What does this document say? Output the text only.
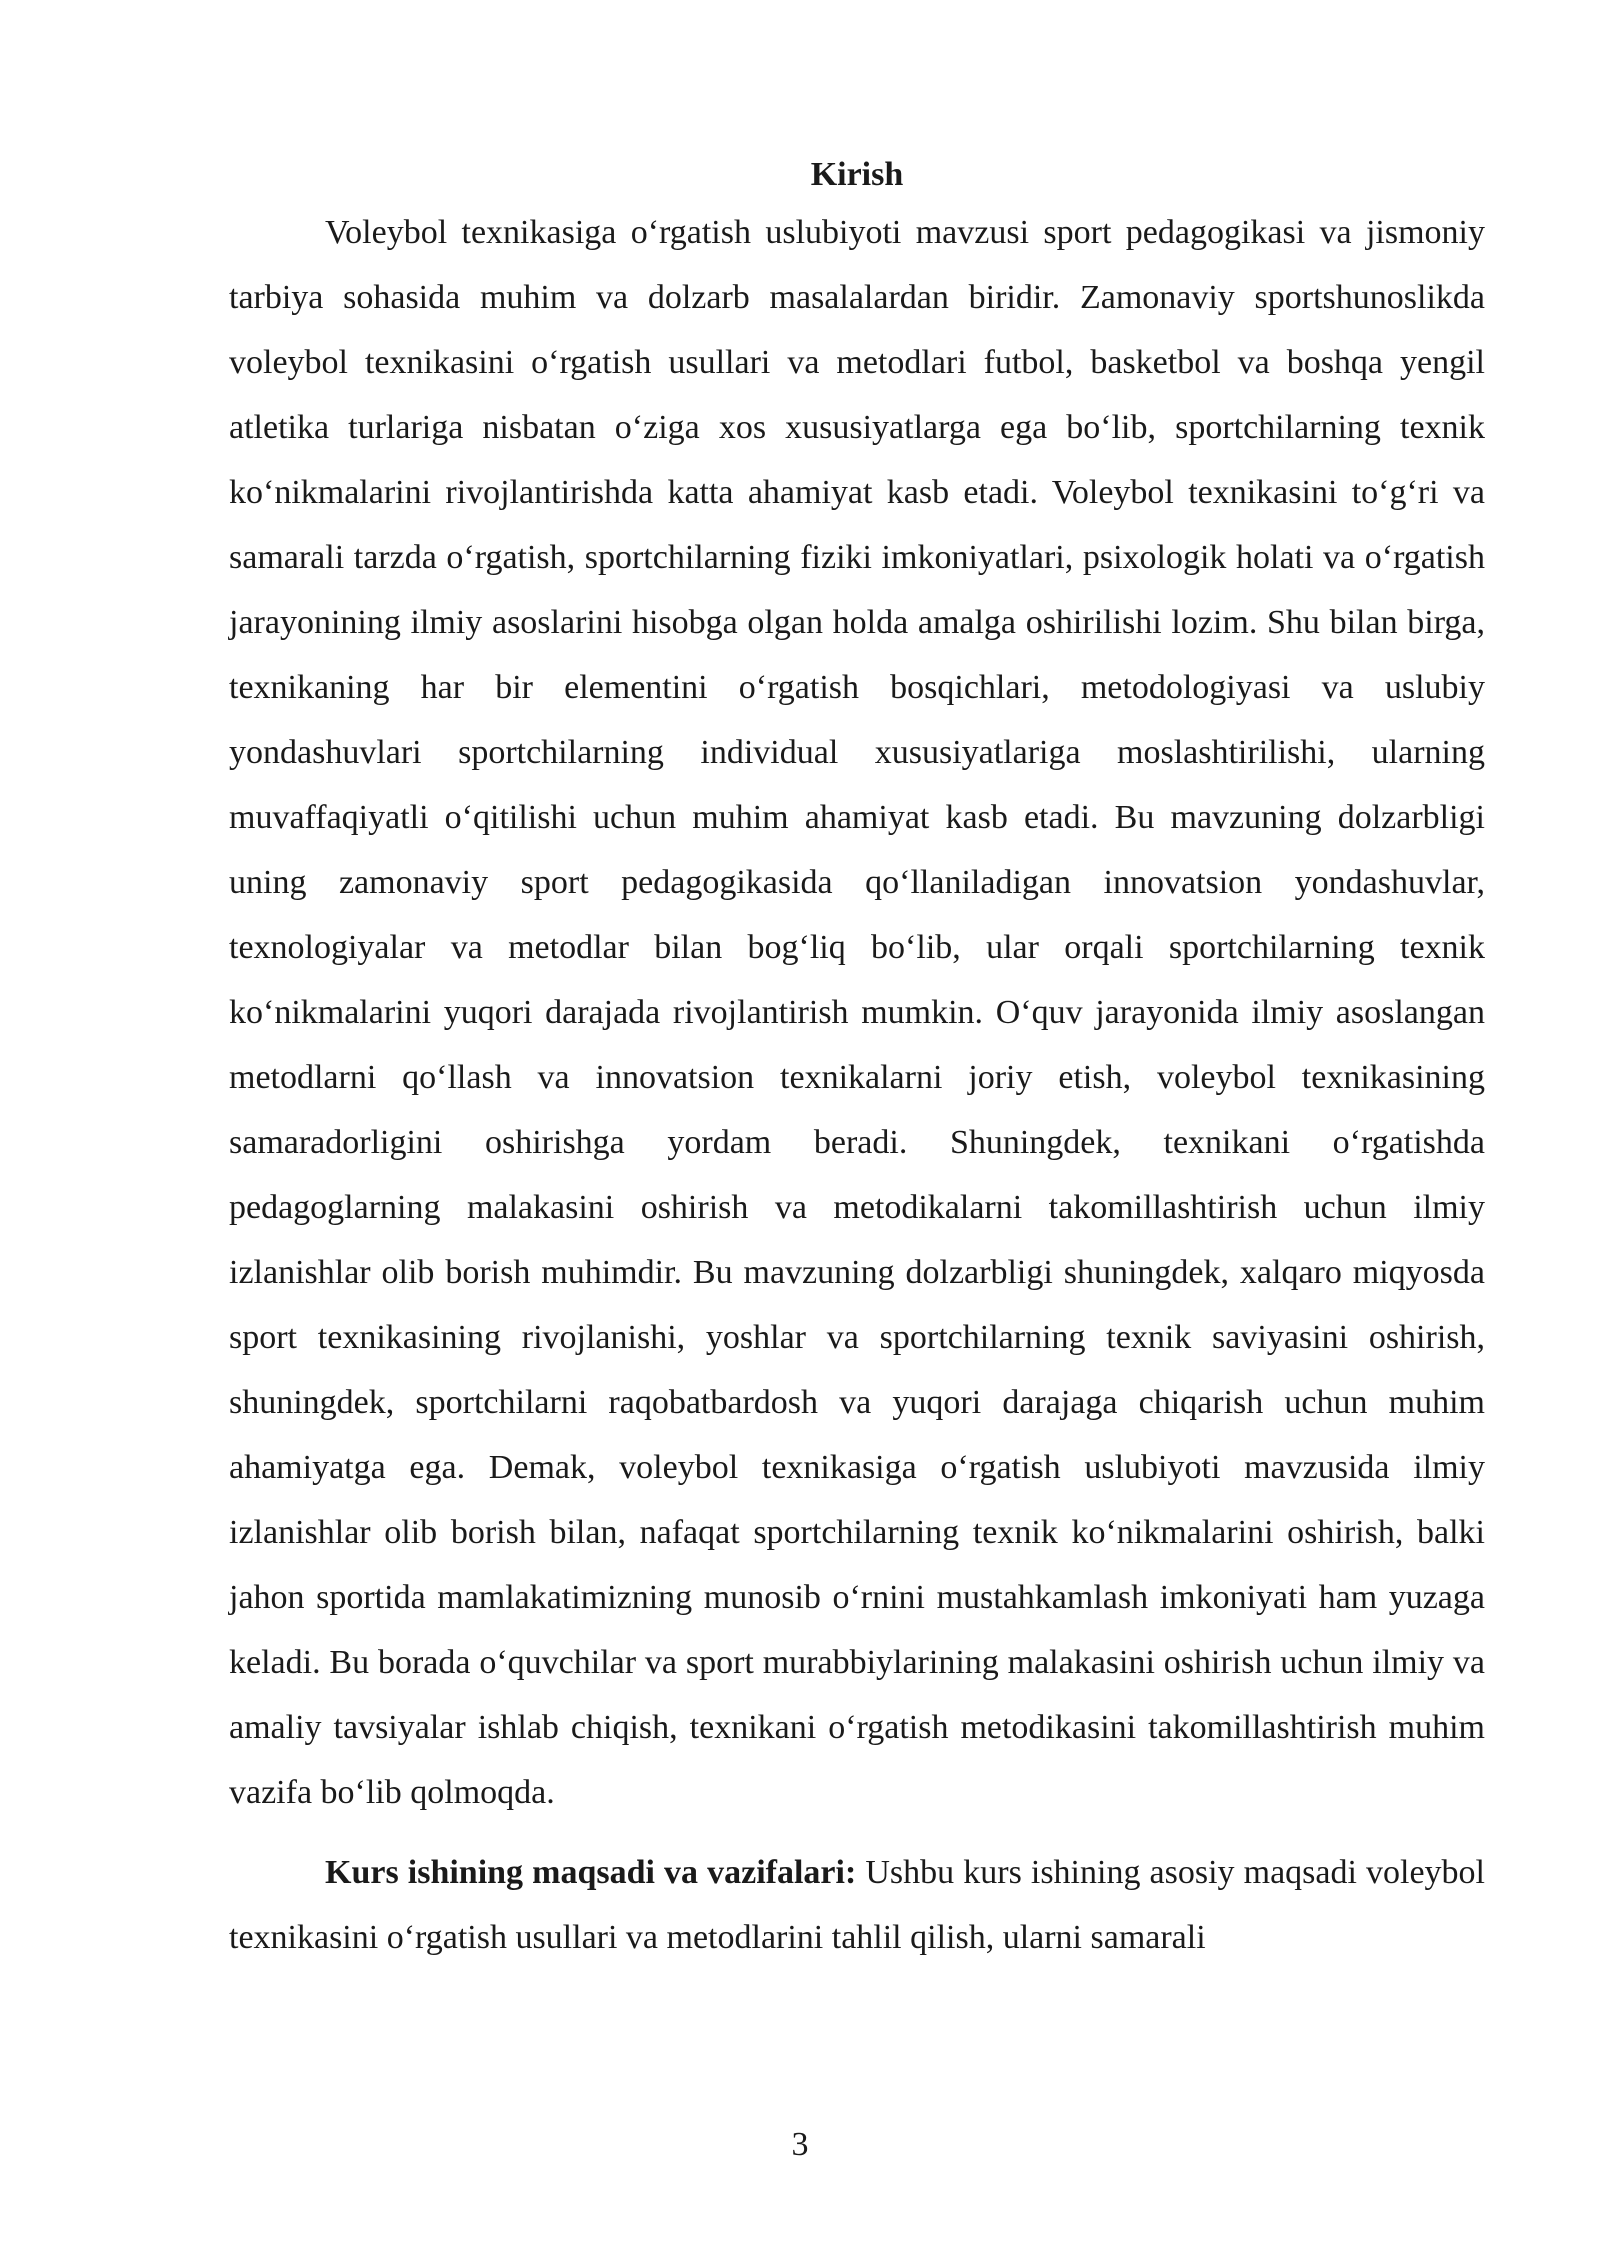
Kirish

Voleybol texnikasiga o‘rgatish uslubiyoti mavzusi sport pedagogikasi va jismoniy tarbiya sohasida muhim va dolzarb masalalardan biridir. Zamonaviy sportshunoslikda voleybol texnikasini o‘rgatish usullari va metodlari futbol, basketbol va boshqa yengil atletika turlariga nisbatan o‘ziga xos xususiyatlarga ega bo‘lib, sportchilarning texnik ko‘nikmalarini rivojlantirishda katta ahamiyat kasb etadi. Voleybol texnikasini to‘g‘ri va samarali tarzda o‘rgatish, sportchilarning fiziki imkoniyatlari, psixologik holati va o‘rgatish jarayonining ilmiy asoslarini hisobga olgan holda amalga oshirilishi lozim. Shu bilan birga, texnikaning har bir elementini o‘rgatish bosqichlari, metodologiyasi va uslubiy yondashuvlari sportchilarning individual xususiyatlariga moslashtirilishi, ularning muvaffaqiyatli o‘qitilishi uchun muhim ahamiyat kasb etadi. Bu mavzuning dolzarbligi uning zamonaviy sport pedagogikasida qo‘llaniladigan innovatsion yondashuvlar, texnologiyalar va metodlar bilan bog‘liq bo‘lib, ular orqali sportchilarning texnik ko‘nikmalarini yuqori darajada rivojlantirish mumkin. O‘quv jarayonida ilmiy asoslangan metodlarni qo‘llash va innovatsion texnikalarni joriy etish, voleybol texnikasining samaradorligini oshirishga yordam beradi. Shuningdek, texnikani o‘rgatishda pedagoglarning malakasini oshirish va metodikalarni takomillashtirish uchun ilmiy izlanishlar olib borish muhimdir. Bu mavzuning dolzarbligi shuningdek, xalqaro miqyosda sport texnikasining rivojlanishi, yoshlar va sportchilarning texnik saviyasini oshirish, shuningdek, sportchilarni raqobatbardosh va yuqori darajaga chiqarish uchun muhim ahamiyatga ega. Demak, voleybol texnikasiga o‘rgatish uslubiyoti mavzusida ilmiy izlanishlar olib borish bilan, nafaqat sportchilarning texnik ko‘nikmalarini oshirish, balki jahon sportida mamlakatimizning munosib o‘rnini mustahkamlash imkoniyati ham yuzaga keladi. Bu borada o‘quvchilar va sport murabbiylarining malakasini oshirish uchun ilmiy va amaliy tavsiyalar ishlab chiqish, texnikani o‘rgatish metodikasini takomillashtirish muhim vazifa bo‘lib qolmoqda.

Kurs ishining maqsadi va vazifalari: Ushbu kurs ishining asosiy maqsadi voleybol texnikasini o‘rgatish usullari va metodlarini tahlil qilish, ularni samarali

3
